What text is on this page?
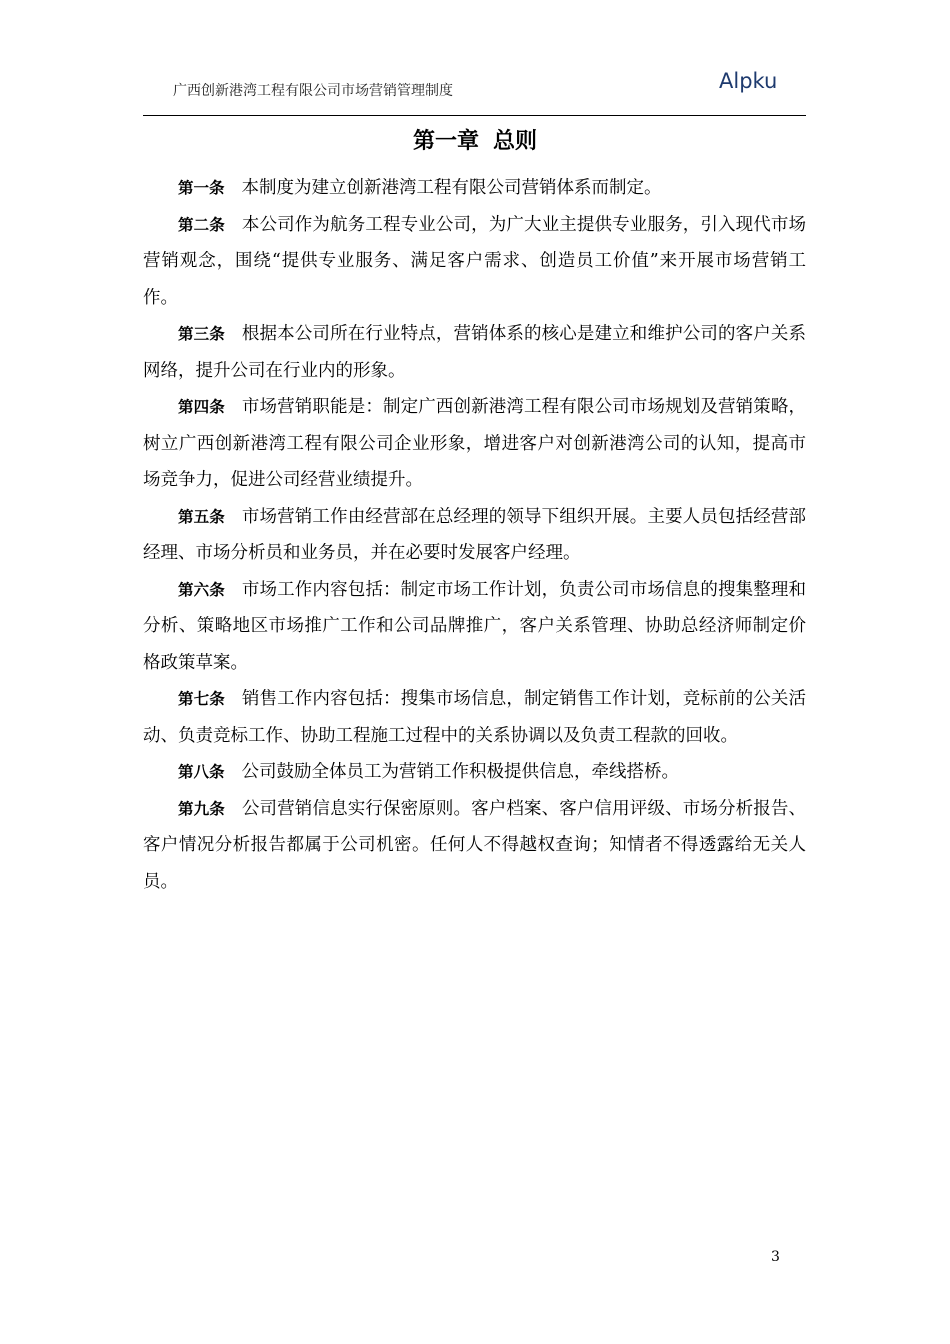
广西创新港湾工程有限公司市场营销管理制度	Alpku
第一章 总则

第一条 本制度为建立创新港湾工程有限公司营销体系而制定。

第二条 本公司作为航务工程专业公司，为广大业主提供专业服务，引入现代市场营销观念，围绕“提供专业服务、满足客户需求、创造员工价值”来开展市场营销工作。

第三条 根据本公司所在行业特点，营销体系的核心是建立和维护公司的客户关系网络，提升公司在行业内的形象。

第四条 市场营销职能是：制定广西创新港湾工程有限公司市场规划及营销策略，树立广西创新港湾工程有限公司企业形象，增进客户对创新港湾公司的认知，提高市场竞争力，促进公司经营业绩提升。

第五条 市场营销工作由经营部在总经理的领导下组织开展。主要人员包括经营部经理、市场分析员和业务员，并在必要时发展客户经理。

第六条 市场工作内容包括：制定市场工作计划，负责公司市场信息的搜集整理和分析、策略地区市场推广工作和公司品牌推广，客户关系管理、协助总经济师制定价格政策草案。

第七条 销售工作内容包括：搜集市场信息，制定销售工作计划，竞标前的公关活动、负责竞标工作、协助工程施工过程中的关系协调以及负责工程款的回收。

第八条 公司鼓励全体员工为营销工作积极提供信息，牵线搭桥。

第九条 公司营销信息实行保密原则。客户档案、客户信用评级、市场分析报告、客户情况分析报告都属于公司机密。任何人不得越权查询；知情者不得透露给无关人员。

3
